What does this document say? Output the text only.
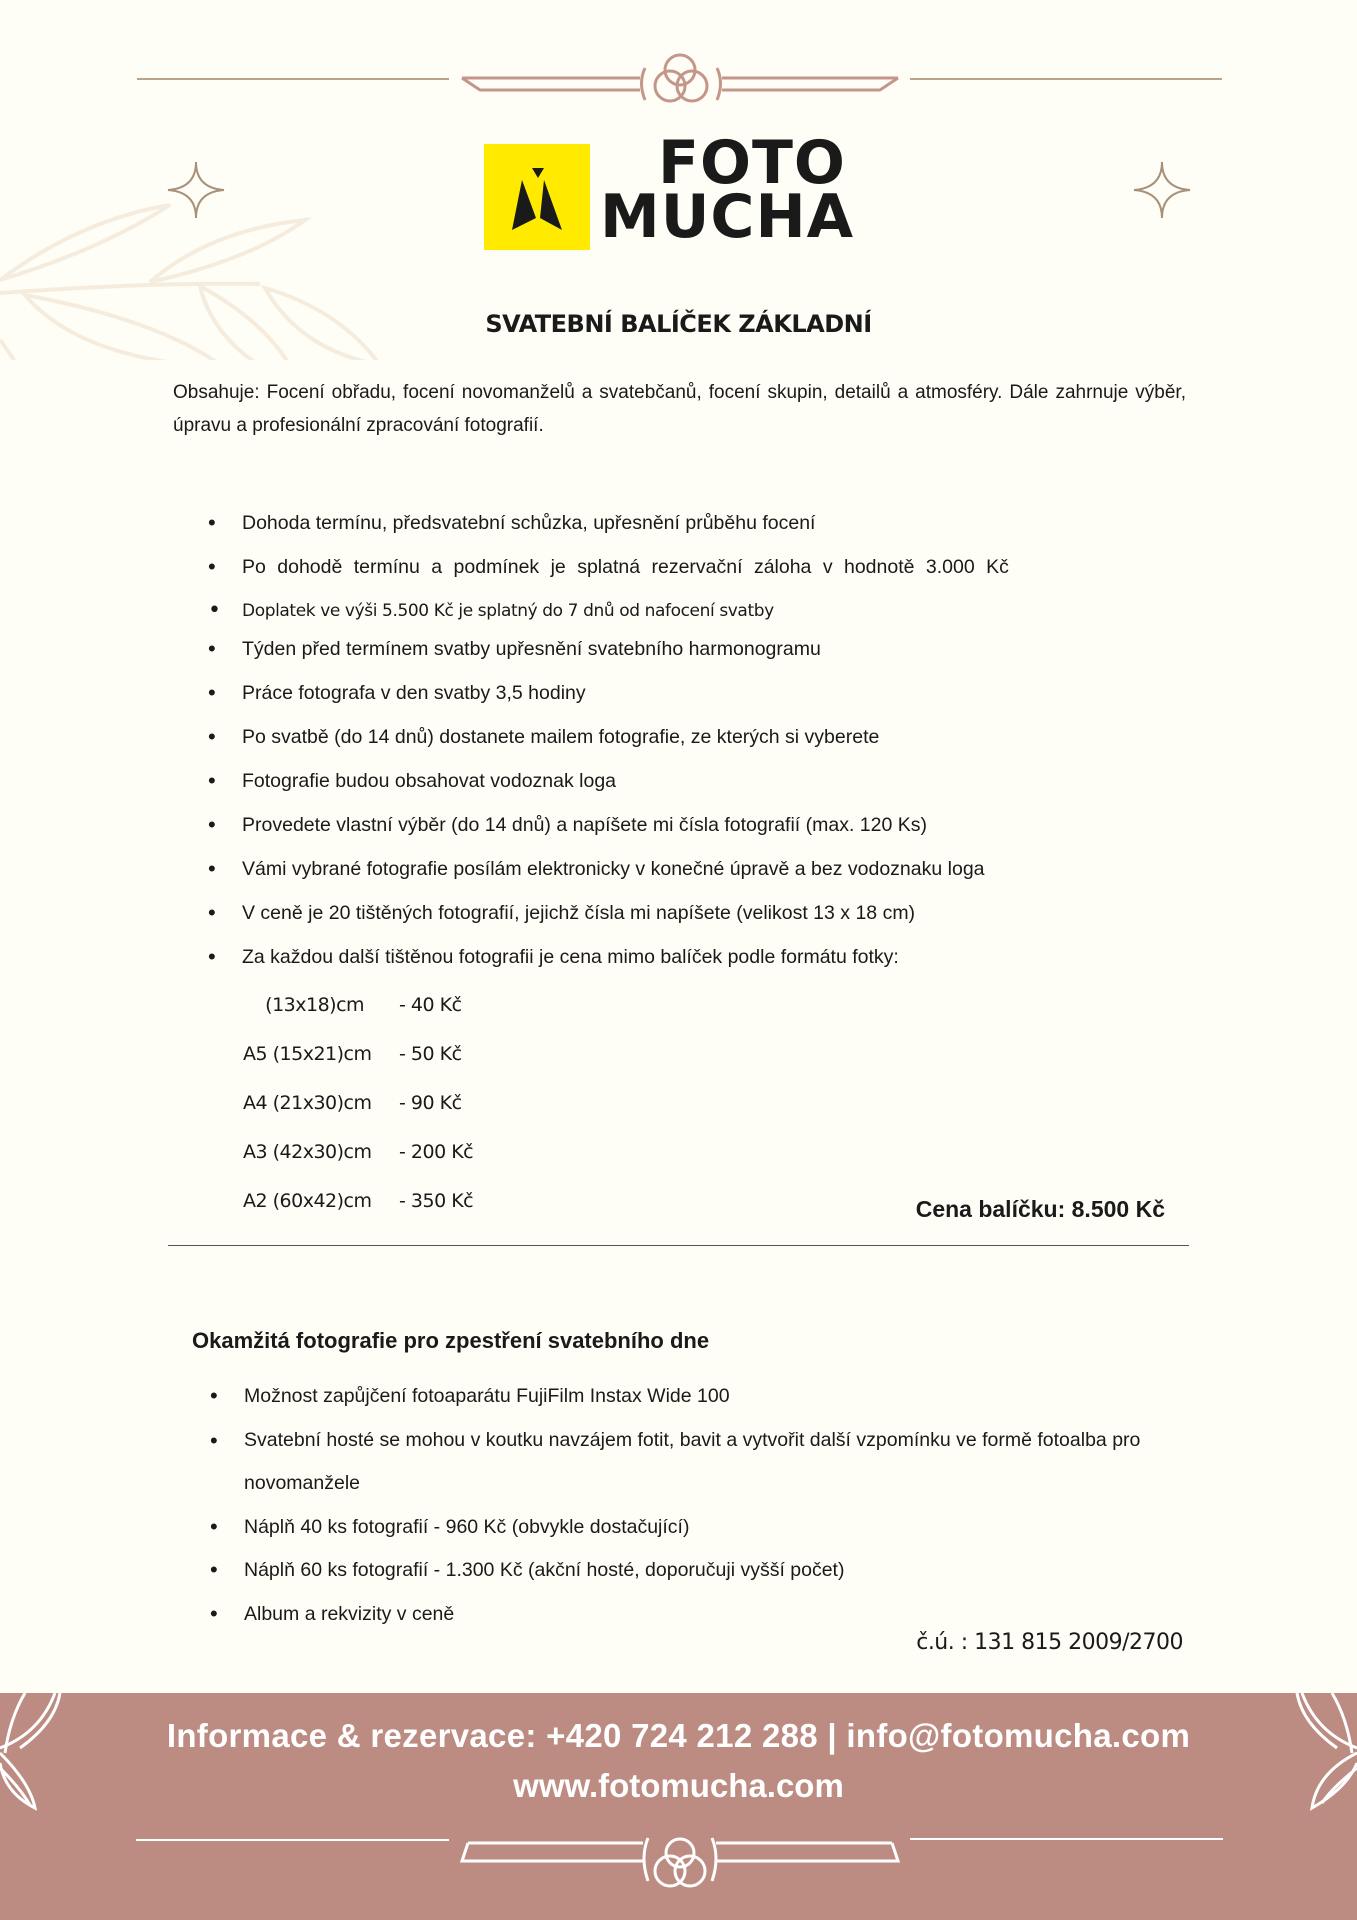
FOTO
MUCHA
SVATEBNÍ BALÍČEK ZÁKLADNÍ
Obsahuje: Focení obřadu, focení novomanželů a svatebčanů, focení skupin, detailů a atmosféry. Dále zahrnuje výběr, úpravu a profesionální zpracování fotografií.
• Dohoda termínu, předsvatební schůzka, upřesnění průběhu focení
• Po dohodě termínu a podmínek je splatná rezervační záloha v hodnotě 3.000 Kč
• Doplatek ve výši 5.500 Kč je splatný do 7 dnů od nafocení svatby
• Týden před termínem svatby upřesnění svatebního harmonogramu
• Práce fotografa v den svatby 3,5 hodiny
• Po svatbě (do 14 dnů) dostanete mailem fotografie, ze kterých si vyberete
• Fotografie budou obsahovat vodoznak loga
• Provedete vlastní výběr (do 14 dnů) a napíšete mi čísla fotografií (max. 120 Ks)
• Vámi vybrané fotografie posílám elektronicky v konečné úpravě a bez vodoznaku loga
• V ceně je 20 tištěných fotografií, jejichž čísla mi napíšete (velikost 13 x 18 cm)
• Za každou další tištěnou fotografii je cena mimo balíček podle formátu fotky:
(13x18)cm	- 40 Kč
A5 (15x21)cm	- 50 Kč
A4 (21x30)cm	- 90 Kč
A3 (42x30)cm	- 200 Kč
A2 (60x42)cm	- 350 Kč	Cena balíčku: 8.500 Kč
Okamžitá fotografie pro zpestření svatebního dne
• Možnost zapůjčení fotoaparátu FujiFilm Instax Wide 100
• Svatební hosté se mohou v koutku navzájem fotit, bavit a vytvořit další vzpomínku ve formě fotoalba pro novomanžele
• Náplň 40 ks fotografií - 960 Kč (obvykle dostačující)
• Náplň 60 ks fotografií - 1.300 Kč (akční hosté, doporučuji vyšší počet)
• Album a rekvizity v ceně
č.ú. : 131 815 2009/2700
Informace & rezervace: +420 724 212 288 | info@fotomucha.com
www.fotomucha.com
